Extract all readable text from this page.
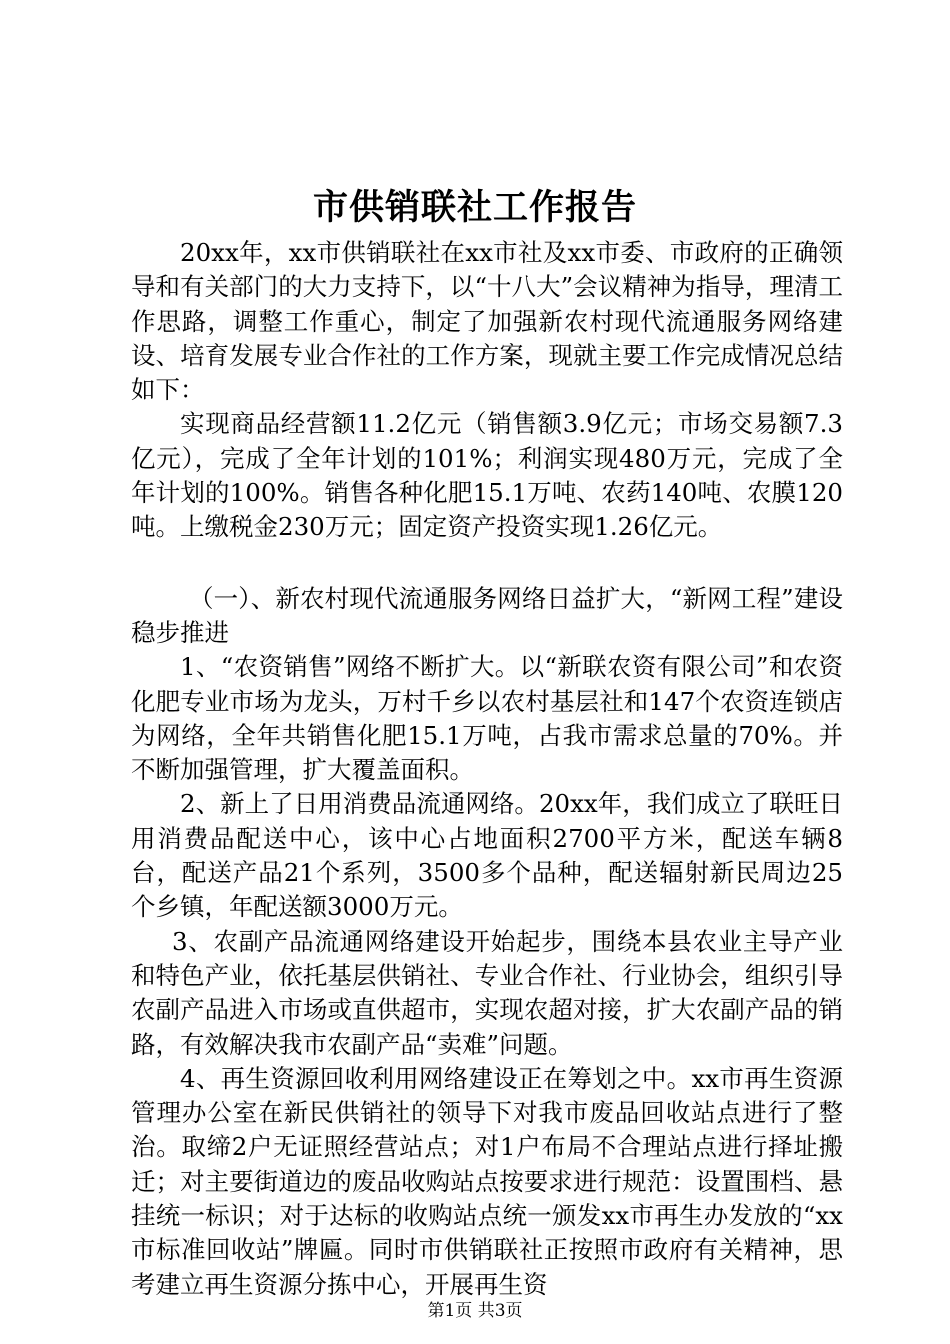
市供销联社工作报告

20xx年，xx市供销联社在xx市社及xx市委、市政府的正确领导和有关部门的大力支持下，以“十八大”会议精神为指导，理清工作思路，调整工作重心，制定了加强新农村现代流通服务网络建设、培育发展专业合作社的工作方案，现就主要工作完成情况总结如下：

实现商品经营额11.2亿元（销售额3.9亿元；市场交易额7.3亿元），完成了全年计划的101%；利润实现480万元，完成了全年计划的100%。销售各种化肥15.1万吨、农药140吨、农膜120吨。上缴税金230万元；固定资产投资实现1.26亿元。

（一）、新农村现代流通服务网络日益扩大，“新网工程”建设稳步推进

1、“农资销售”网络不断扩大。以“新联农资有限公司”和农资化肥专业市场为龙头，万村千乡以农村基层社和147个农资连锁店为网络，全年共销售化肥15.1万吨，占我市需求总量的70%。并不断加强管理，扩大覆盖面积。

2、新上了日用消费品流通网络。20xx年，我们成立了联旺日用消费品配送中心，该中心占地面积2700平方米，配送车辆8台，配送产品21个系列，3500多个品种，配送辐射新民周边25个乡镇，年配送额3000万元。

3、农副产品流通网络建设开始起步，围绕本县农业主导产业和特色产业，依托基层供销社、专业合作社、行业协会，组织引导农副产品进入市场或直供超市，实现农超对接，扩大农副产品的销路，有效解决我市农副产品“卖难”问题。

4、再生资源回收利用网络建设正在筹划之中。xx市再生资源管理办公室在新民供销社的领导下对我市废品回收站点进行了整治。取缔2户无证照经营站点；对1户布局不合理站点进行择址搬迁；对主要街道边的废品收购站点按要求进行规范：设置围档、悬挂统一标识；对于达标的收购站点统一颁发xx市再生办发放的“xx市标准回收站”牌匾。同时市供销联社正按照市政府有关精神，思考建立再生资源分拣中心，开展再生资

第1页 共3页
